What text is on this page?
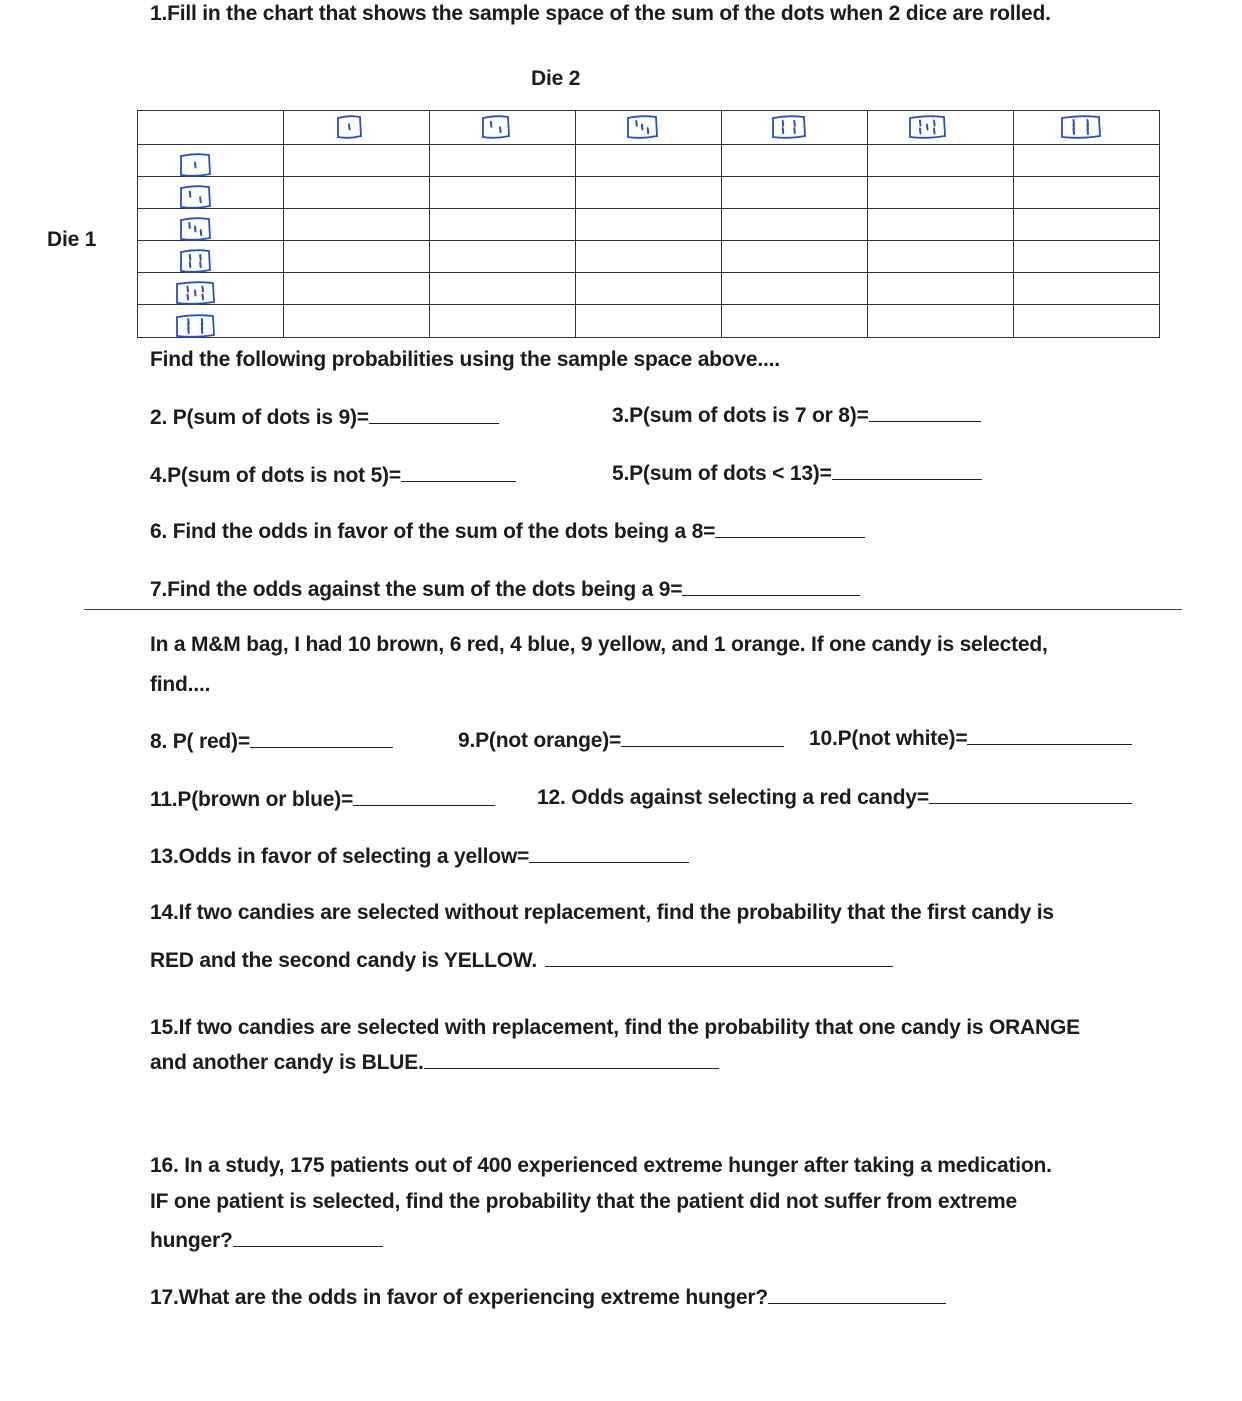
1.Fill in the chart that shows the sample space of the sum of the dots when 2 dice are rolled.
Die 2
Die 1

Find the following probabilities using the sample space above....
2. P(sum of dots is 9)=	3.P(sum of dots is 7 or 8)=
4.P(sum of dots is not 5)=	5.P(sum of dots < 13)=
6. Find the odds in favor of the sum of the dots being a 8=
7.Find the odds against the sum of the dots being a 9=
In a M&M bag, I had 10 brown, 6 red, 4 blue, 9 yellow, and 1 orange. If one candy is selected,
find....
8. P( red)=	9.P(not orange)=	10.P(not white)=
11.P(brown or blue)=	12. Odds against selecting a red candy=
13.Odds in favor of selecting a yellow=
14.If two candies are selected without replacement, find the probability that the first candy is
RED and the second candy is YELLOW.
15.If two candies are selected with replacement, find the probability that one candy is ORANGE
and another candy is BLUE.
16. In a study, 175 patients out of 400 experienced extreme hunger after taking a medication.
IF one patient is selected, find the probability that the patient did not suffer from extreme
hunger?
17.What are the odds in favor of experiencing extreme hunger?
